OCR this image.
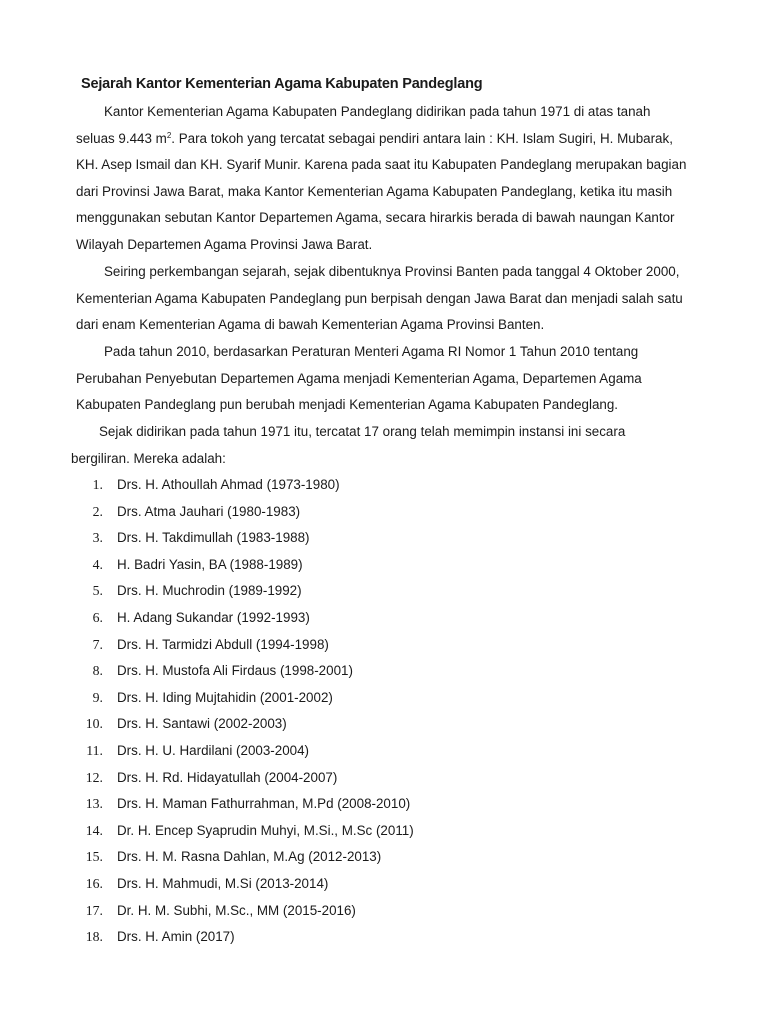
Sejarah Kantor Kementerian Agama Kabupaten Pandeglang
Kantor Kementerian Agama Kabupaten Pandeglang didirikan pada tahun 1971 di atas tanah
seluas 9.443 $m^2$. Para tokoh yang tercatat sebagai pendiri antara lain : KH. Islam Sugiri, H. Mubarak,
KH. Asep Ismail dan KH. Syarif Munir. Karena pada saat itu Kabupaten Pandeglang merupakan bagian
dari Provinsi Jawa Barat, maka Kantor Kementerian Agama Kabupaten Pandeglang, ketika itu masih
menggunakan sebutan Kantor Departemen Agama, secara hirarkis berada di bawah naungan Kantor
Wilayah Departemen Agama Provinsi Jawa Barat.
Seiring perkembangan sejarah, sejak dibentuknya Provinsi Banten pada tanggal 4 Oktober 2000,
Kementerian Agama Kabupaten Pandeglang pun berpisah dengan Jawa Barat dan menjadi salah satu
dari enam Kementerian Agama di bawah Kementerian Agama Provinsi Banten.
Pada tahun 2010, berdasarkan Peraturan Menteri Agama RI Nomor 1 Tahun 2010 tentang
Perubahan Penyebutan Departemen Agama menjadi Kementerian Agama, Departemen Agama
Kabupaten Pandeglang pun berubah menjadi Kementerian Agama Kabupaten Pandeglang.
Sejak didirikan pada tahun 1971 itu, tercatat 17 orang telah memimpin instansi ini secara
bergiliran. Mereka adalah:
1. Drs. H. Athoullah Ahmad (1973-1980)
2. Drs. Atma Jauhari (1980-1983)
3. Drs. H. Takdimullah (1983-1988)
4. H. Badri Yasin, BA (1988-1989)
5. Drs. H. Muchrodin (1989-1992)
6. H. Adang Sukandar (1992-1993)
7. Drs. H. Tarmidzi Abdull (1994-1998)
8. Drs. H. Mustofa Ali Firdaus (1998-2001)
9. Drs. H. Iding Mujtahidin (2001-2002)
10. Drs. H. Santawi (2002-2003)
11. Drs. H. U. Hardilani (2003-2004)
12. Drs. H. Rd. Hidayatullah (2004-2007)
13. Drs. H. Maman Fathurrahman, M.Pd (2008-2010)
14. Dr. H. Encep Syaprudin Muhyi, M.Si., M.Sc (2011)
15. Drs. H. M. Rasna Dahlan, M.Ag (2012-2013)
16. Drs. H. Mahmudi, M.Si (2013-2014)
17. Dr. H. M. Subhi, M.Sc., MM (2015-2016)
18. Drs. H. Amin (2017)
